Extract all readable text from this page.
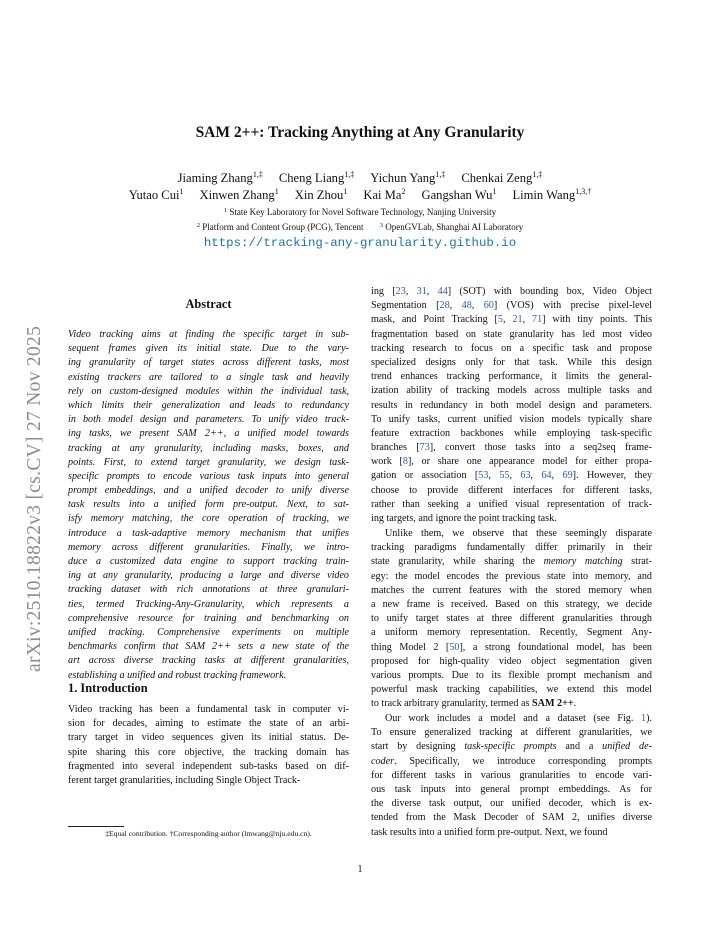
arXiv:2510.18822v3 [cs.CV] 27 Nov 2025
SAM 2++: Tracking Anything at Any Granularity
Jiaming Zhang$^{1,\ddagger}$ Cheng Liang$^{1,\ddagger}$ Yichun Yang$^{1,\ddagger}$ Chenkai Zeng$^{1,\ddagger}$
Yutao Cui$^1$ Xinwen Zhang$^1$ Xin Zhou$^1$ Kai Ma$^2$ Gangshan Wu$^1$ Limin Wang$^{1,3,\dagger}$
$^1$ State Key Laboratory for Novel Software Technology, Nanjing University
$^2$ Platform and Content Group (PCG), Tencent	$^3$ OpenGVLab, Shanghai AI Laboratory
https://tracking-any-granularity.github.io
Abstract
Video tracking aims at finding the specific target in sub-
sequent frames given its initial state. Due to the vary-
ing granularity of target states across different tasks, most
existing trackers are tailored to a single task and heavily
rely on custom-designed modules within the individual task,
which limits their generalization and leads to redundancy
in both model design and parameters. To unify video track-
ing tasks, we present SAM 2++, a unified model towards
tracking at any granularity, including masks, boxes, and
points. First, to extend target granularity, we design task-
specific prompts to encode various task inputs into general
prompt embeddings, and a unified decoder to unify diverse
task results into a unified form pre-output. Next, to sat-
isfy memory matching, the core operation of tracking, we
introduce a task-adaptive memory mechanism that unifies
memory across different granularities. Finally, we intro-
duce a customized data engine to support tracking train-
ing at any granularity, producing a large and diverse video
tracking dataset with rich annotations at three granulari-
ties, termed Tracking-Any-Granularity, which represents a
comprehensive resource for training and benchmarking on
unified tracking. Comprehensive experiments on multiple
benchmarks confirm that SAM 2++ sets a new state of the
art across diverse tracking tasks at different granularities,
establishing a unified and robust tracking framework.
1. Introduction
Video tracking has been a fundamental task in computer vi-
sion for decades, aiming to estimate the state of an arbi-
trary target in video sequences given its initial status. De-
spite sharing this core objective, the tracking domain has
fragmented into several independent sub-tasks based on dif-
ferent target granularities, including Single Object Track-
‡Equal contribution. †Corresponding author (lmwang@nju.edu.cn).
ing [23, 31, 44] (SOT) with bounding box, Video Object
Segmentation [28, 48, 60] (VOS) with precise pixel-level
mask, and Point Tracking [5, 21, 71] with tiny points. This
fragmentation based on state granularity has led most video
tracking research to focus on a specific task and propose
specialized designs only for that task. While this design
trend enhances tracking performance, it limits the general-
ization ability of tracking models across multiple tasks and
results in redundancy in both model design and parameters.
To unify tasks, current unified vision models typically share
feature extraction backbones while employing task-specific
branches [73], convert those tasks into a seq2seq frame-
work [8], or share one appearance model for either propa-
gation or association [53, 55, 63, 64, 69]. However, they
choose to provide different interfaces for different tasks,
rather than seeking a unified visual representation of track-
ing targets, and ignore the point tracking task.
Unlike them, we observe that these seemingly disparate
tracking paradigms fundamentally differ primarily in their
state granularity, while sharing the memory matching strat-
egy: the model encodes the previous state into memory, and
matches the current features with the stored memory when
a new frame is received. Based on this strategy, we decide
to unify target states at three different granularities through
a uniform memory representation. Recently, Segment Any-
thing Model 2 [50], a strong foundational model, has been
proposed for high-quality video object segmentation given
various prompts. Due to its flexible prompt mechanism and
powerful mask tracking capabilities, we extend this model
to track arbitrary granularity, termed as SAM 2++.
Our work includes a model and a dataset (see Fig. 1).
To ensure generalized tracking at different granularities, we
start by designing task-specific prompts and a unified de-
coder. Specifically, we introduce corresponding prompts
for different tasks in various granularities to encode vari-
ous task inputs into general prompt embeddings. As for
the diverse task output, our unified decoder, which is ex-
tended from the Mask Decoder of SAM 2, unifies diverse
task results into a unified form pre-output. Next, we found
1
